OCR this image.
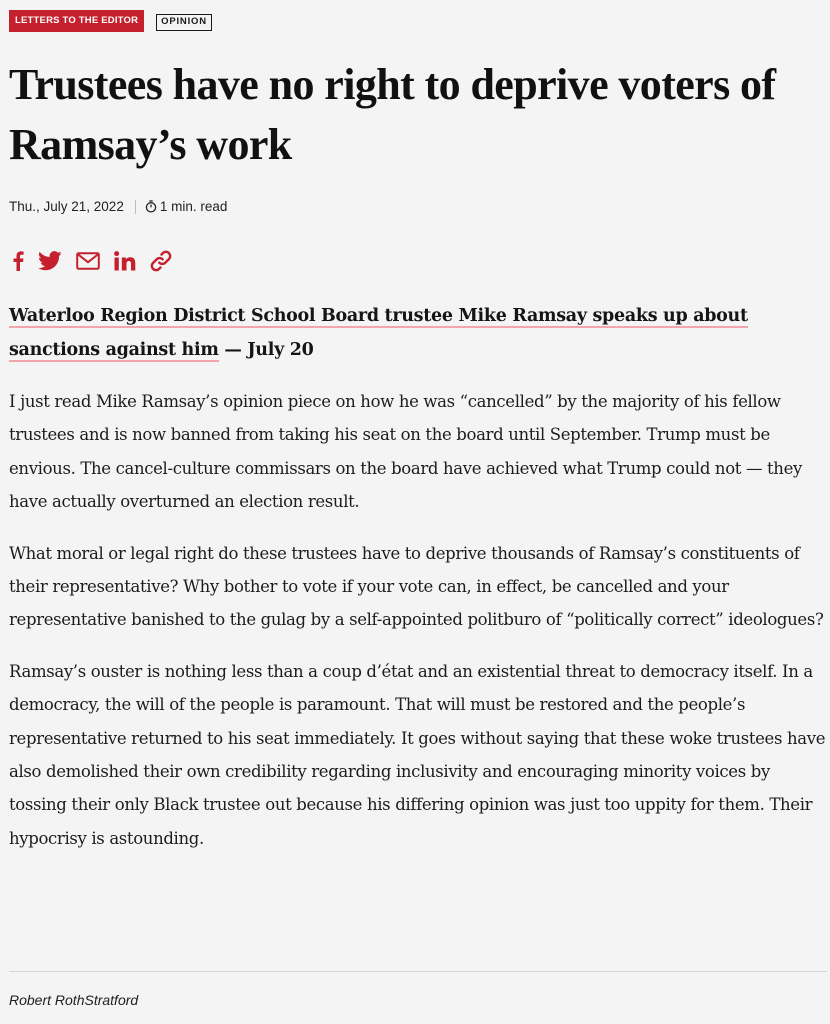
LETTERS TO THE EDITOR	OPINION
Trustees have no right to deprive voters of Ramsay’s work
Thu., July 21, 2022	1 min. read
Waterloo Region District School Board trustee Mike Ramsay speaks up about sanctions against him — July 20

I just read Mike Ramsay’s opinion piece on how he was “cancelled” by the majority of his fellow trustees and is now banned from taking his seat on the board until September. Trump must be envious. The cancel-culture commissars on the board have achieved what Trump could not — they have actually overturned an election result.

What moral or legal right do these trustees have to deprive thousands of Ramsay’s constituents of their representative? Why bother to vote if your vote can, in effect, be cancelled and your representative banished to the gulag by a self-appointed politburo of “politically correct” ideologues?

Ramsay’s ouster is nothing less than a coup d’état and an existential threat to democracy itself. In a democracy, the will of the people is paramount. That will must be restored and the people’s representative returned to his seat immediately. It goes without saying that these woke trustees have also demolished their own credibility regarding inclusivity and encouraging minority voices by tossing their only Black trustee out because his differing opinion was just too uppity for them. Their hypocrisy is astounding.

Robert RothStratford
